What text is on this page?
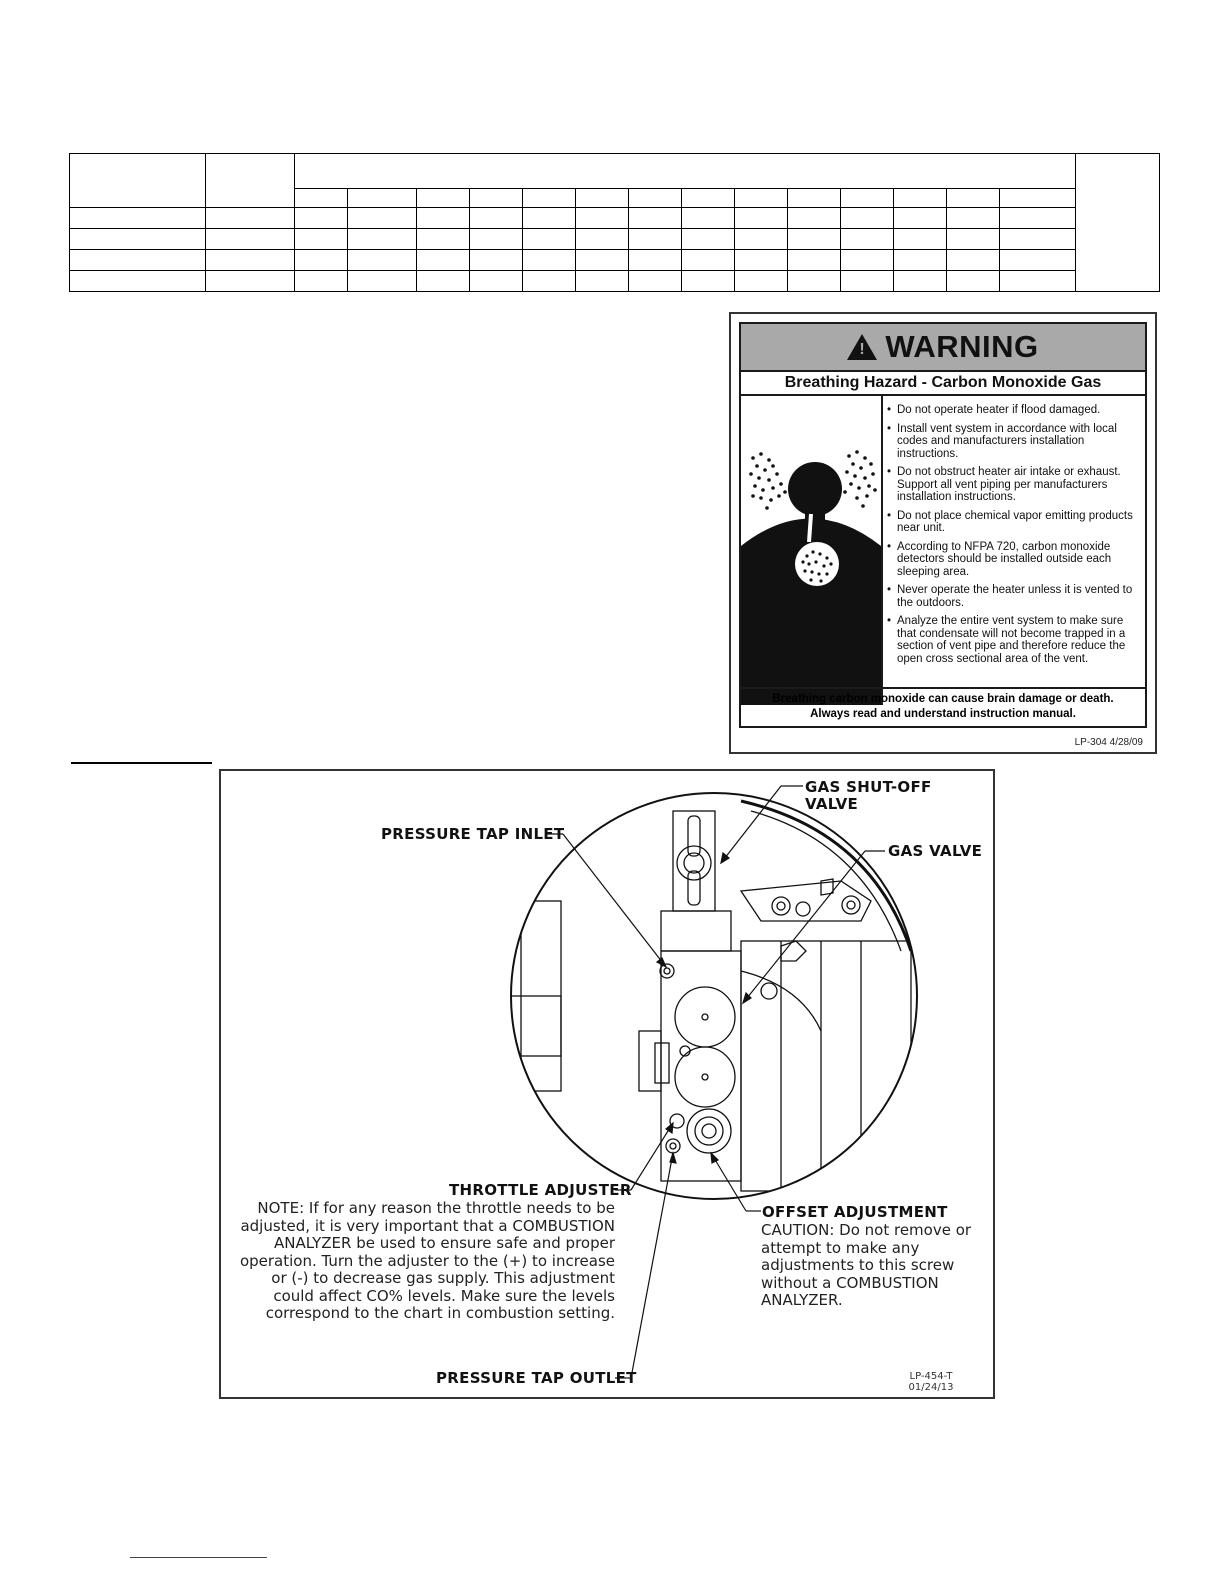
! WARNING
Breathing Hazard - Carbon Monoxide Gas
• Do not operate heater if flood damaged.
• Install vent system in accordance with local codes and manufacturers installation instructions.
• Do not obstruct heater air intake or exhaust. Support all vent piping per manufacturers installation instructions.
• Do not place chemical vapor emitting products near unit.
• According to NFPA 720, carbon monoxide detectors should be installed outside each sleeping area.
• Never operate the heater unless it is vented to the outdoors.
• Analyze the entire vent system to make sure that condensate will not become trapped in a section of vent pipe and therefore reduce the open cross sectional area of the vent.
Breathing carbon monoxide can cause brain damage or death.
Always read and understand instruction manual.
LP-304 4/28/09
GAS SHUT-OFF
VALVE
GAS VALVE
PRESSURE TAP INLET
THROTTLE ADJUSTER
NOTE: If for any reason the throttle needs to be adjusted, it is very important that a COMBUSTION ANALYZER be used to ensure safe and proper operation. Turn the adjuster to the (+) to increase or (-) to decrease gas supply. This adjustment could affect CO% levels. Make sure the levels correspond to the chart in combustion setting.
OFFSET ADJUSTMENT
CAUTION: Do not remove or attempt to make any adjustments to this screw without a COMBUSTION ANALYZER.
PRESSURE TAP OUTLET	LP-454-T
01/24/13
